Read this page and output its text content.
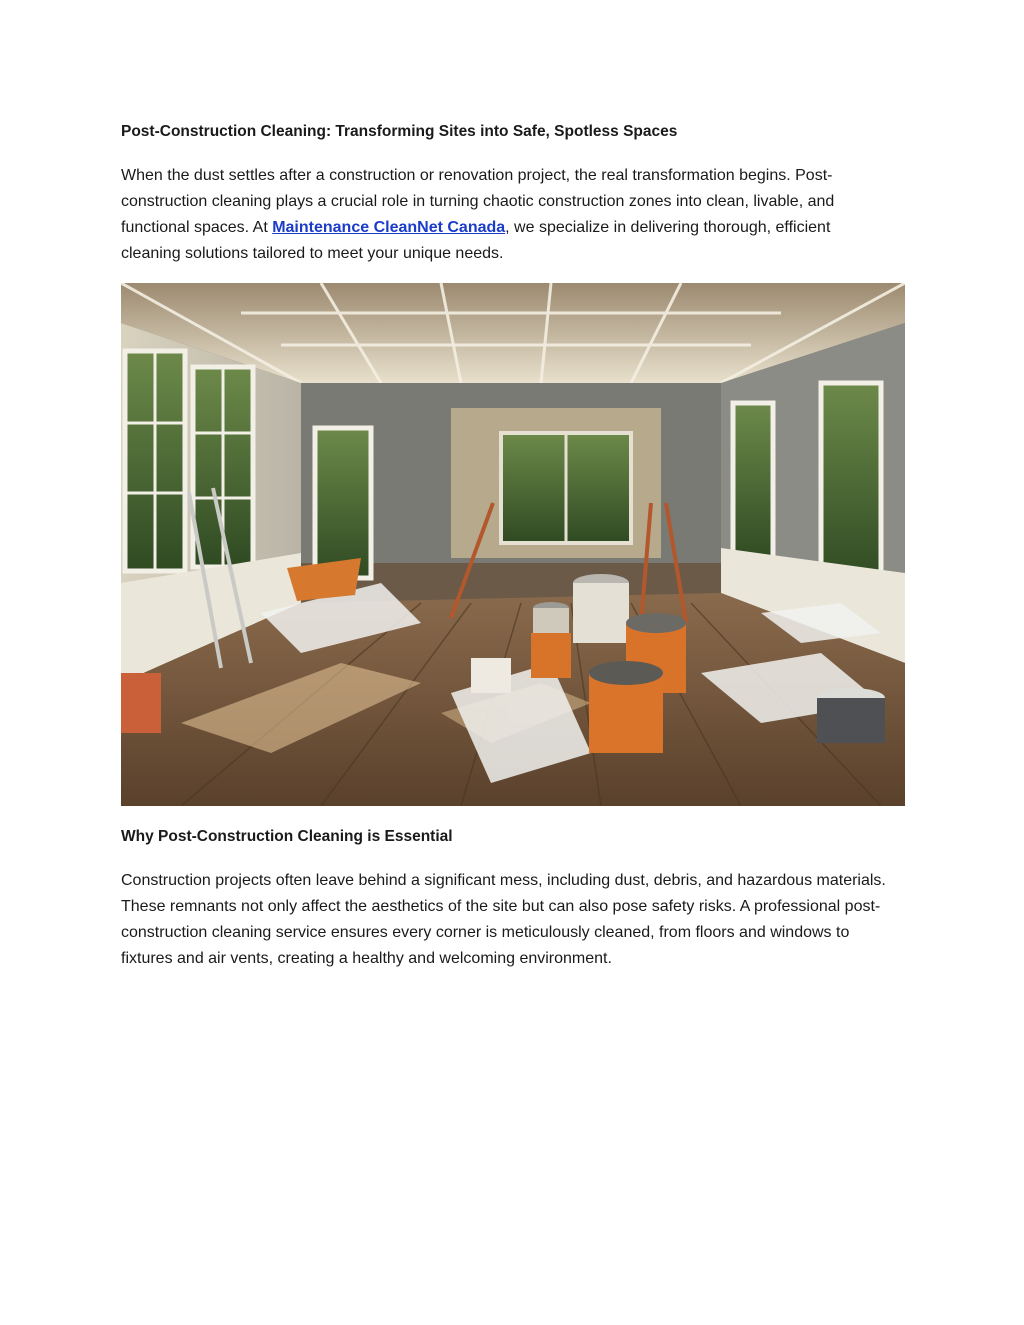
Post-Construction Cleaning: Transforming Sites into Safe, Spotless Spaces

When the dust settles after a construction or renovation project, the real transformation begins. Post-construction cleaning plays a crucial role in turning chaotic construction zones into clean, livable, and functional spaces. At Maintenance CleanNet Canada, we specialize in delivering thorough, efficient cleaning solutions tailored to meet your unique needs.

Why Post-Construction Cleaning is Essential

Construction projects often leave behind a significant mess, including dust, debris, and hazardous materials. These remnants not only affect the aesthetics of the site but can also pose safety risks. A professional post-construction cleaning service ensures every corner is meticulously cleaned, from floors and windows to fixtures and air vents, creating a healthy and welcoming environment.
